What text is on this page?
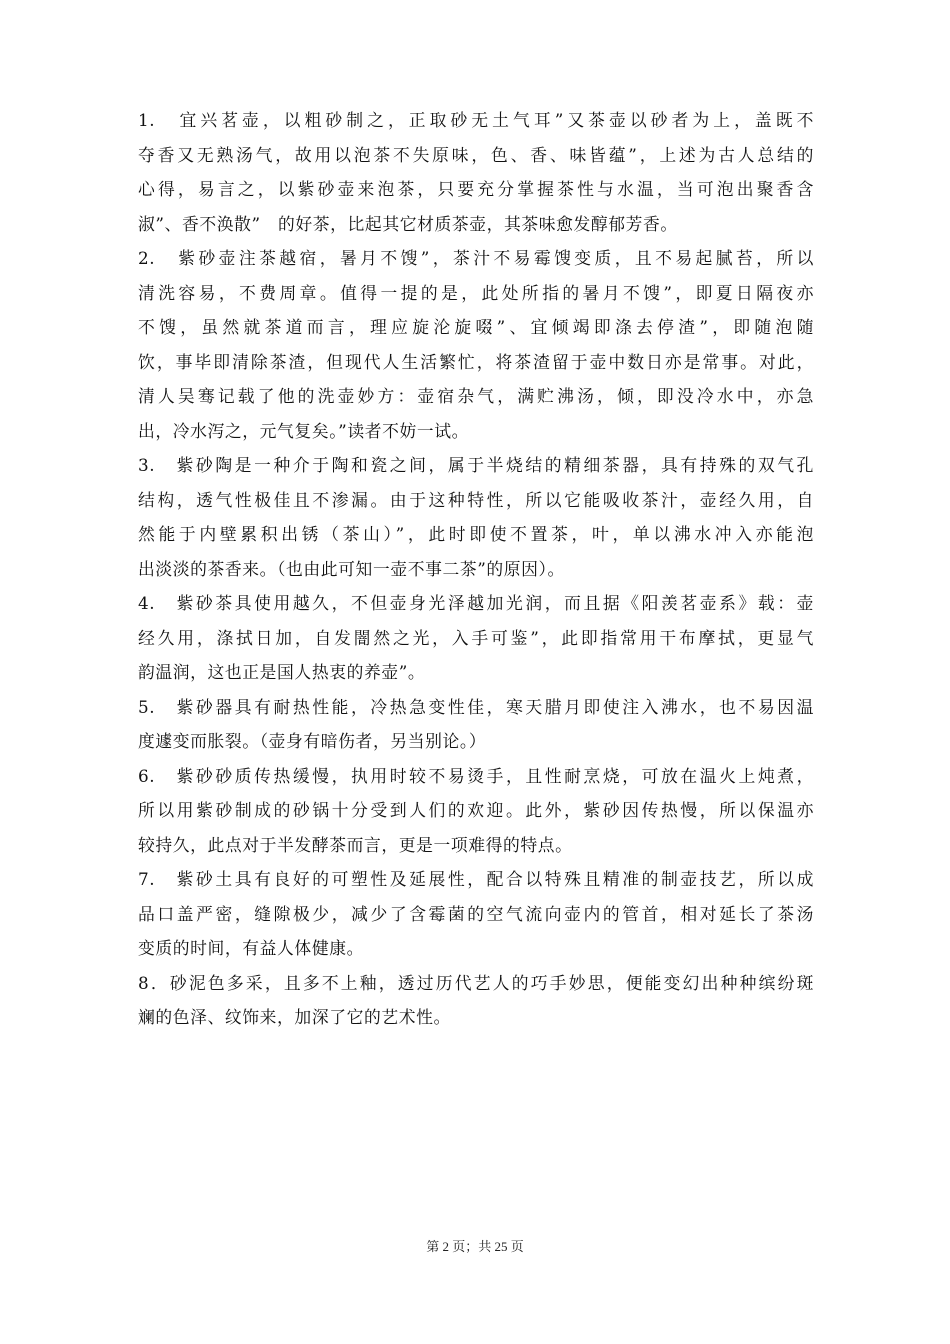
1.　宜兴茗壶，以粗砂制之，正取砂无土气耳”又茶壶以砂者为上，盖既不
夺香又无熟汤气，故用以泡茶不失原味，色、香、味皆蕴”，上述为古人总结的
心得，易言之，以紫砂壶来泡茶，只要充分掌握茶性与水温，当可泡出聚香含
淑”、香不涣散”　的好茶，比起其它材质茶壶，其茶味愈发醇郁芳香。
2.　紫砂壶注茶越宿，暑月不馊”，茶汁不易霉馊变质，且不易起腻苔，所以
清洗容易，不费周章。值得一提的是，此处所指的暑月不馊”，即夏日隔夜亦
不馊，虽然就茶道而言，理应旋沦旋啜”、宜倾竭即涤去停渣”，即随泡随
饮，事毕即清除茶渣，但现代人生活繁忙，将茶渣留于壶中数日亦是常事。对此，
清人吴骞记载了他的洗壶妙方：壶宿杂气，满贮沸汤，倾，即没冷水中，亦急
出，冷水泻之，元气复矣。”读者不妨一试。
3.　紫砂陶是一种介于陶和瓷之间，属于半烧结的精细茶器，具有持殊的双气孔
结构，透气性极佳且不渗漏。由于这种特性，所以它能吸收茶汁，壶经久用，自
然能于内壁累积出锈（茶山）”，此时即使不置茶，叶，单以沸水冲入亦能泡
出淡淡的茶香来。（也由此可知一壶不事二茶”的原因）。
4.　紫砂茶具使用越久，不但壶身光泽越加光润，而且据《阳羡茗壶系》载：壶
经久用，涤拭日加，自发闇然之光，入手可鉴”，此即指常用干布摩拭，更显气
韵温润，这也正是国人热衷的养壶”。
5.　紫砂器具有耐热性能，冷热急变性佳，寒天腊月即使注入沸水，也不易因温
度遽变而胀裂。（壶身有暗伤者，另当别论。）
6.　紫砂砂质传热缓慢，执用时较不易烫手，且性耐烹烧，可放在温火上炖煮，
所以用紫砂制成的砂锅十分受到人们的欢迎。此外，紫砂因传热慢，所以保温亦
较持久，此点对于半发酵茶而言，更是一项难得的特点。
7.　紫砂土具有良好的可塑性及延展性，配合以特殊且精准的制壶技艺，所以成
品口盖严密，缝隙极少，减少了含霉菌的空气流向壶内的管首，相对延长了茶汤
变质的时间，有益人体健康。
8．砂泥色多采，且多不上釉，透过历代艺人的巧手妙思，便能变幻出种种缤纷斑
斓的色泽、纹饰来，加深了它的艺术性。
第 2 页；共 25 页
